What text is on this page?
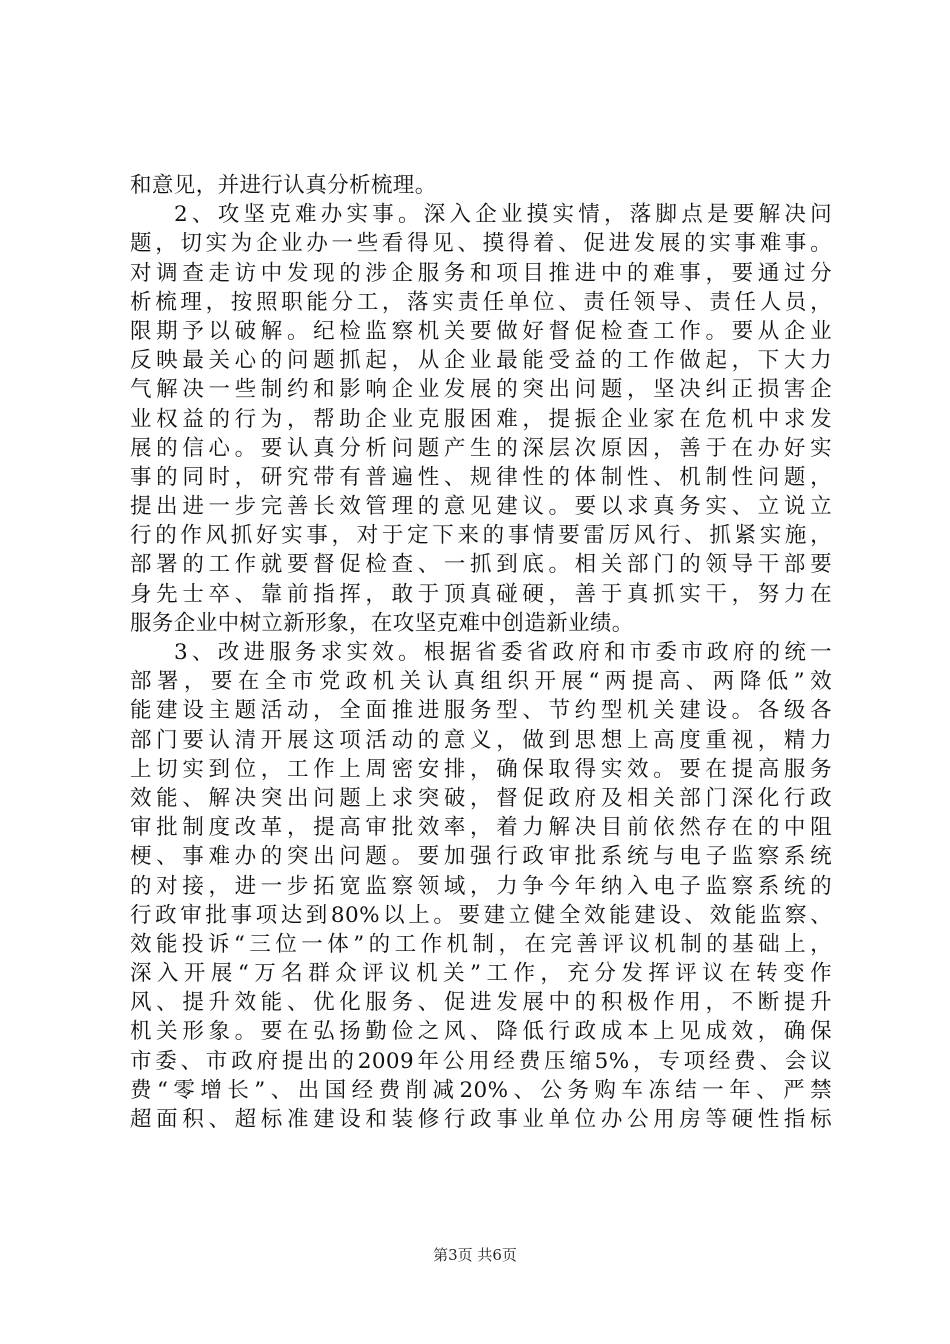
和意见，并进行认真分析梳理。
2、攻坚克难办实事。深入企业摸实情，落脚点是要解决问
题，切实为企业办一些看得见、摸得着、促进发展的实事难事。
对调查走访中发现的涉企服务和项目推进中的难事，要通过分
析梳理，按照职能分工，落实责任单位、责任领导、责任人员，
限期予以破解。纪检监察机关要做好督促检查工作。要从企业
反映最关心的问题抓起，从企业最能受益的工作做起，下大力
气解决一些制约和影响企业发展的突出问题，坚决纠正损害企
业权益的行为，帮助企业克服困难，提振企业家在危机中求发
展的信心。要认真分析问题产生的深层次原因，善于在办好实
事的同时，研究带有普遍性、规律性的体制性、机制性问题，
提出进一步完善长效管理的意见建议。要以求真务实、立说立
行的作风抓好实事，对于定下来的事情要雷厉风行、抓紧实施，
部署的工作就要督促检查、一抓到底。相关部门的领导干部要
身先士卒、靠前指挥，敢于顶真碰硬，善于真抓实干，努力在
服务企业中树立新形象，在攻坚克难中创造新业绩。
3、改进服务求实效。根据省委省政府和市委市政府的统一
部署，要在全市党政机关认真组织开展“两提高、两降低”效
能建设主题活动，全面推进服务型、节约型机关建设。各级各
部门要认清开展这项活动的意义，做到思想上高度重视，精力
上切实到位，工作上周密安排，确保取得实效。要在提高服务
效能、解决突出问题上求突破，督促政府及相关部门深化行政
审批制度改革，提高审批效率，着力解决目前依然存在的中阻
梗、事难办的突出问题。要加强行政审批系统与电子监察系统
的对接，进一步拓宽监察领域，力争今年纳入电子监察系统的
行政审批事项达到80%以上。要建立健全效能建设、效能监察、
效能投诉“三位一体”的工作机制，在完善评议机制的基础上，
深入开展“万名群众评议机关”工作，充分发挥评议在转变作
风、提升效能、优化服务、促进发展中的积极作用，不断提升
机关形象。要在弘扬勤俭之风、降低行政成本上见成效，确保
市委、市政府提出的2009年公用经费压缩5%，专项经费、会议
费“零增长”、出国经费削减20%、公务购车冻结一年、严禁
超面积、超标准建设和装修行政事业单位办公用房等硬性指标
第3页 共6页
